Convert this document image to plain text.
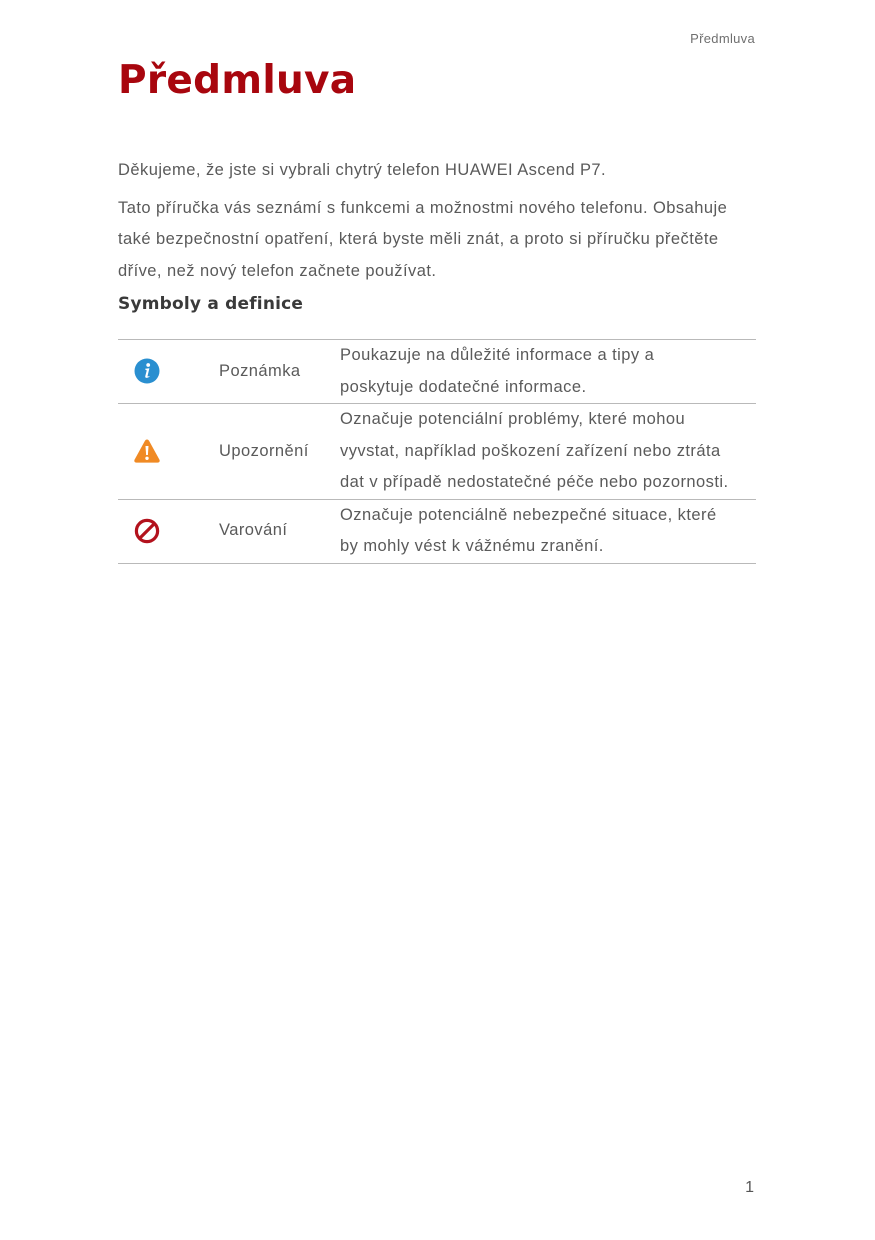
Předmluva
Předmluva

Děkujeme, že jste si vybrali chytrý telefon HUAWEI Ascend P7.

Tato příručka vás seznámí s funkcemi a možnostmi nového telefonu. Obsahuje
také bezpečnostní opatření, která byste měli znát, a proto si příručku přečtěte
dříve, než nový telefon začnete používat.

Symboly a definice
	Poznámka	Poukazuje na důležité informace a tipy a
poskytuje dodatečné informace.

	Upozornění	Označuje potenciální problémy, které mohou
vyvstat, například poškození zařízení nebo ztráta
dat v případě nedostatečné péče nebo pozornosti.

	Varování	Označuje potenciálně nebezpečné situace, které
by mohly vést k vážnému zranění.
1
